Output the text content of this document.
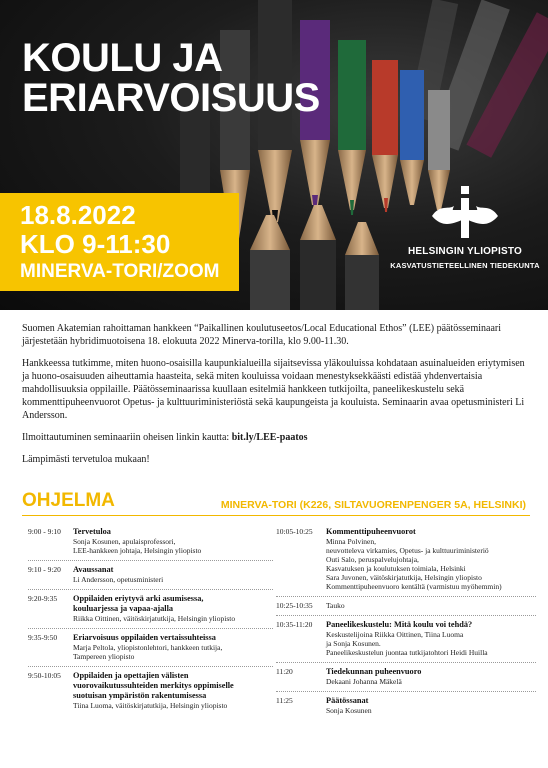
KOULU JA
ERIARVOISUUS
18.8.2022
KLO 9-11:30
MINERVA-TORI/ZOOM
HELSINGIN YLIOPISTO
KASVATUSTIETEELLINEN TIEDEKUNTA

Suomen Akatemian rahoittaman hankkeen “Paikallinen koulutuseetos/Local Educational Ethos” (LEE) päätösseminaari järjestetään hybridimuotoisena 18. elokuuta 2022 Minerva-torilla, klo 9.00-11.30.

Hankkeessa tutkimme, miten huono-osaisilla kaupunkialueilla sijaitsevissa yläkouluissa kohdataan asuinalueiden eriytymisen ja huono-osaisuuden aiheuttamia haasteita, sekä miten kouluissa voidaan menestyksekkäästi edistää yhdenvertaisia mahdollisuuksia oppilaille. Päätösseminaarissa kuullaan esitelmiä hankkeen tutkijoilta, paneelikeskustelu sekä kommenttipuheenvuorot Opetus- ja kulttuuriministeriöstä sekä kaupungeista ja kouluista. Seminaarin avaa opetusministeri Li Andersson.

Ilmoittautuminen seminaariin oheisen linkin kautta: bit.ly/LEE-paatos

Lämpimästi tervetuloa mukaan!

OHJELMA	MINERVA-TORI (K226, SILTAVUORENPENGER 5A, HELSINKI)
9:00 - 9:10 Tervetuloa
Sonja Kosunen, apulaisprofessori,
LEE-hankkeen johtaja, Helsingin yliopisto
9:10 - 9:20 Avaussanat
Li Andersson, opetusministeri
9:20-9:35 Oppilaiden eriytyvä arki asumisessa,
kouluarjessa ja vapaa-ajalla
Riikka Oittinen, väitöskirjatutkija, Helsingin yliopisto
9:35-9:50 Eriarvoisuus oppilaiden vertaissuhteissa
Marja Peltola, yliopistonlehtori, hankkeen tutkija,
Tampereen yliopisto
9:50-10:05 Oppilaiden ja opettajien välisten
vuorovaikutussuhteiden merkitys oppimiselle
suotuisan ympäristön rakentumisessa
Tiina Luoma, väitöskirjatutkija, Helsingin yliopisto
10:05-10:25 Kommenttipuheenvuorot
Minna Polvinen,
neuvotteleva virkamies, Opetus- ja kulttuuriministeriö
Outi Salo, peruspalvelujohtaja,
Kasvatuksen ja koulutuksen toimiala, Helsinki
Sara Juvonen, väitöskirjatutkija, Helsingin yliopisto
Kommenttipuheenvuoro kentältä (varmistuu myöhemmin)
10:25-10:35 Tauko
10:35-11:20 Paneelikeskustelu: Mitä koulu voi tehdä?
Keskustelijoina Riikka Oittinen, Tiina Luoma
ja Sonja Kosunen.
Paneelikeskustelun juontaa tutkijatohtori Heidi Huilla
11:20	Tiedekunnan puheenvuoro
Dekaani Johanna Mäkelä
11:25	Päätössanat
Sonja Kosunen
